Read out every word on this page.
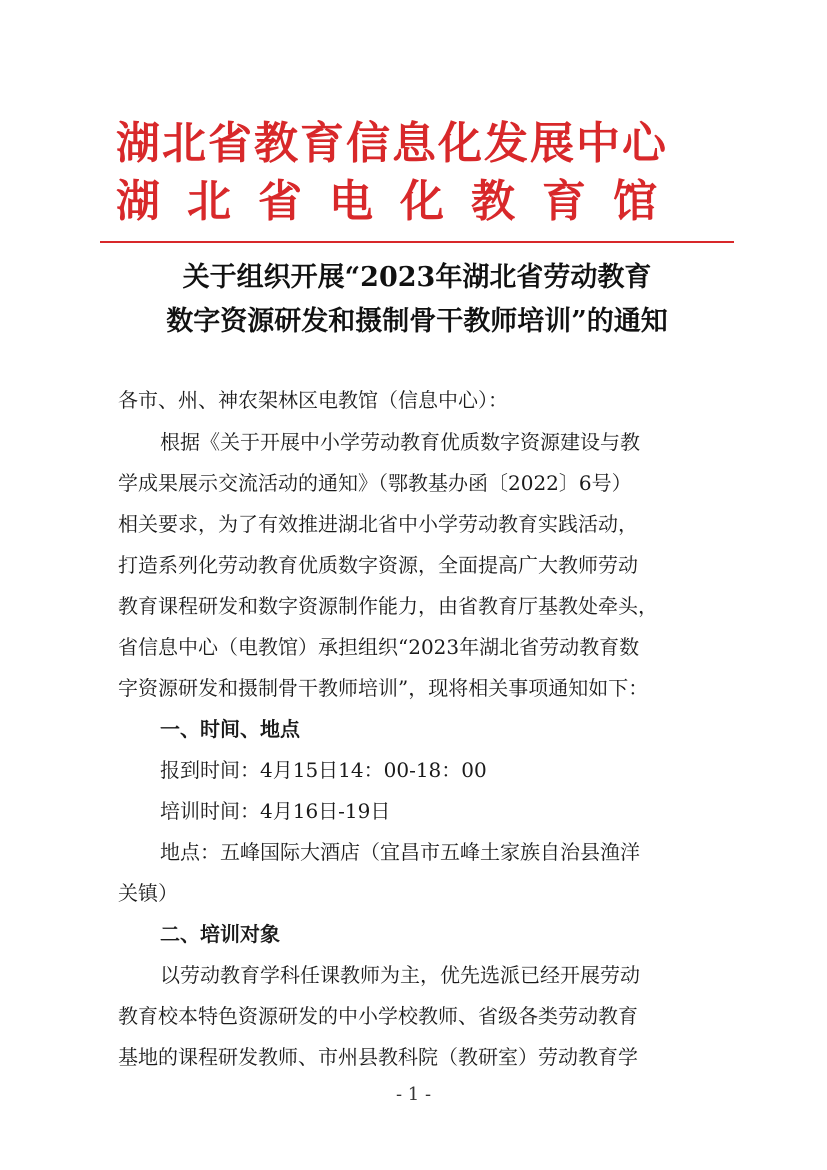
湖北省教育信息化发展中心
湖北省电化教育馆
关于组织开展“2023年湖北省劳动教育
数字资源研发和摄制骨干教师培训”的通知
各市、州、神农架林区电教馆（信息中心）：
根据《关于开展中小学劳动教育优质数字资源建设与教
学成果展示交流活动的通知》（鄂教基办函〔2022〕6号）
相关要求，为了有效推进湖北省中小学劳动教育实践活动，
打造系列化劳动教育优质数字资源，全面提高广大教师劳动
教育课程研发和数字资源制作能力，由省教育厅基教处牵头，
省信息中心（电教馆）承担组织“2023年湖北省劳动教育数
字资源研发和摄制骨干教师培训”，现将相关事项通知如下：
一、时间、地点
报到时间：4月15日14：00-18：00
培训时间：4月16日-19日
地点：五峰国际大酒店（宜昌市五峰土家族自治县渔洋
关镇）
二、培训对象
以劳动教育学科任课教师为主，优先选派已经开展劳动
教育校本特色资源研发的中小学校教师、省级各类劳动教育
基地的课程研发教师、市州县教科院（教研室）劳动教育学
- 1 -
